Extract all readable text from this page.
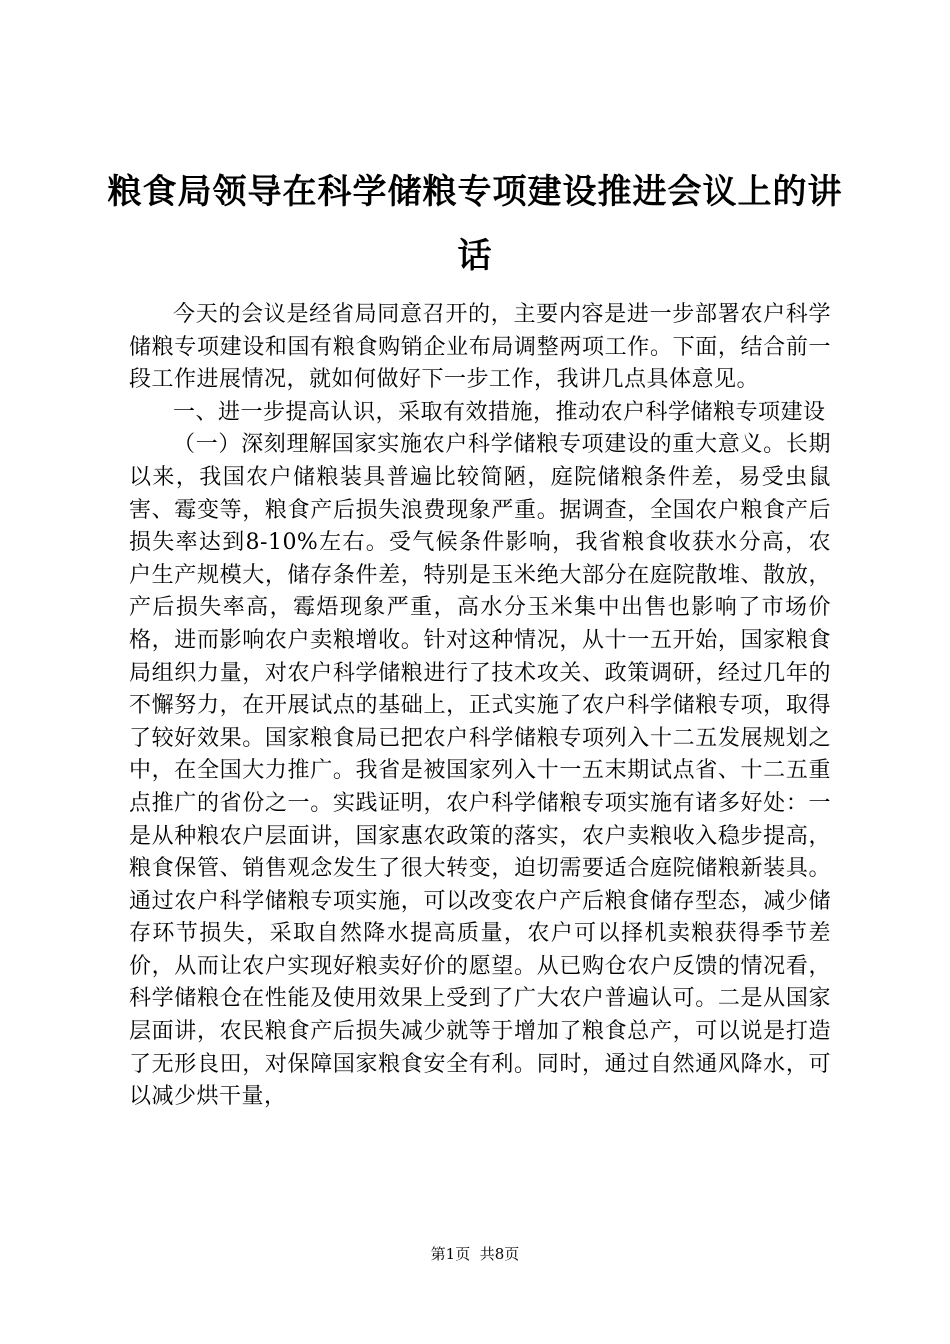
粮食局领导在科学储粮专项建设推进会议上的讲话

今天的会议是经省局同意召开的，主要内容是进一步部署农户科学储粮专项建设和国有粮食购销企业布局调整两项工作。下面，结合前一段工作进展情况，就如何做好下一步工作，我讲几点具体意见。

一、进一步提高认识，采取有效措施，推动农户科学储粮专项建设

（一）深刻理解国家实施农户科学储粮专项建设的重大意义。长期以来，我国农户储粮装具普遍比较简陋，庭院储粮条件差，易受虫鼠害、霉变等，粮食产后损失浪费现象严重。据调查，全国农户粮食产后损失率达到8-10%左右。受气候条件影响，我省粮食收获水分高，农户生产规模大，储存条件差，特别是玉米绝大部分在庭院散堆、散放，产后损失率高，霉焐现象严重，高水分玉米集中出售也影响了市场价格，进而影响农户卖粮增收。针对这种情况，从十一五开始，国家粮食局组织力量，对农户科学储粮进行了技术攻关、政策调研，经过几年的不懈努力，在开展试点的基础上，正式实施了农户科学储粮专项，取得了较好效果。国家粮食局已把农户科学储粮专项列入十二五发展规划之中，在全国大力推广。我省是被国家列入十一五末期试点省、十二五重点推广的省份之一。实践证明，农户科学储粮专项实施有诸多好处：一是从种粮农户层面讲，国家惠农政策的落实，农户卖粮收入稳步提高，粮食保管、销售观念发生了很大转变，迫切需要适合庭院储粮新装具。通过农户科学储粮专项实施，可以改变农户产后粮食储存型态，减少储存环节损失，采取自然降水提高质量，农户可以择机卖粮获得季节差价，从而让农户实现好粮卖好价的愿望。从已购仓农户反馈的情况看，科学储粮仓在性能及使用效果上受到了广大农户普遍认可。二是从国家层面讲，农民粮食产后损失减少就等于增加了粮食总产，可以说是打造了无形良田，对保障国家粮食安全有利。同时，通过自然通风降水，可以减少烘干量，

第1页 共8页
